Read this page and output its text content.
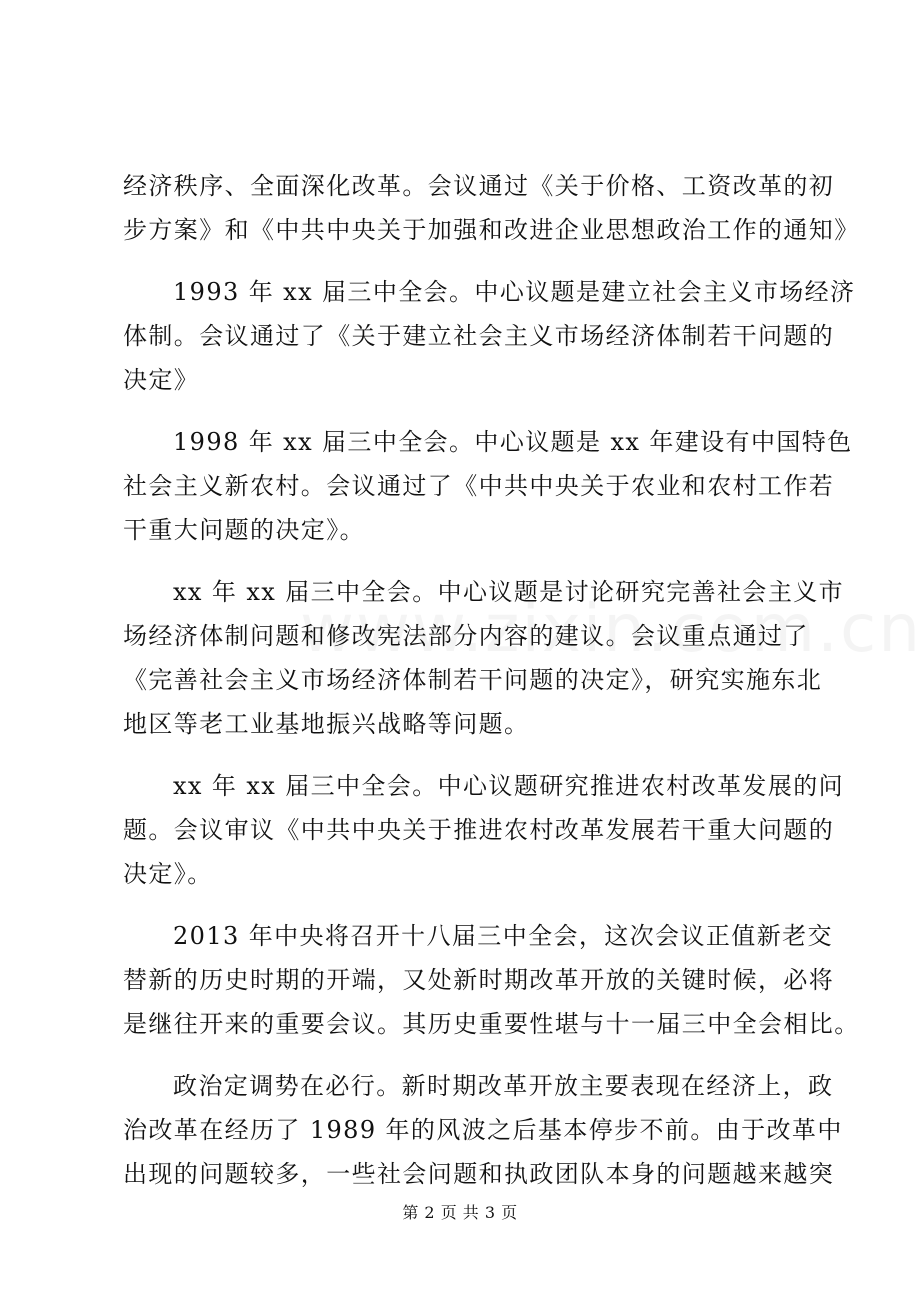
经济秩序、全面深化改革。会议通过《关于价格、工资改革的初
步方案》和《中共中央关于加强和改进企业思想政治工作的通知》
1993 年 xx 届三中全会。中心议题是建立社会主义市场经济
体制。会议通过了《关于建立社会主义市场经济体制若干问题的
决定》
1998 年 xx 届三中全会。中心议题是 xx 年建设有中国特色
社会主义新农村。会议通过了《中共中央关于农业和农村工作若
干重大问题的决定》。
xx 年 xx 届三中全会。中心议题是讨论研究完善社会主义市
场经济体制问题和修改宪法部分内容的建议。会议重点通过了
《完善社会主义市场经济体制若干问题的决定》，研究实施东北
地区等老工业基地振兴战略等问题。
xx 年 xx 届三中全会。中心议题研究推进农村改革发展的问
题。会议审议《中共中央关于推进农村改革发展若干重大问题的
决定》。
2013 年中央将召开十八届三中全会，这次会议正值新老交
替新的历史时期的开端，又处新时期改革开放的关键时候，必将
是继往开来的重要会议。其历史重要性堪与十一届三中全会相比。
政治定调势在必行。新时期改革开放主要表现在经济上，政
治改革在经历了 1989 年的风波之后基本停步不前。由于改革中
出现的问题较多，一些社会问题和执政团队本身的问题越来越突
第 2 页 共 3 页
